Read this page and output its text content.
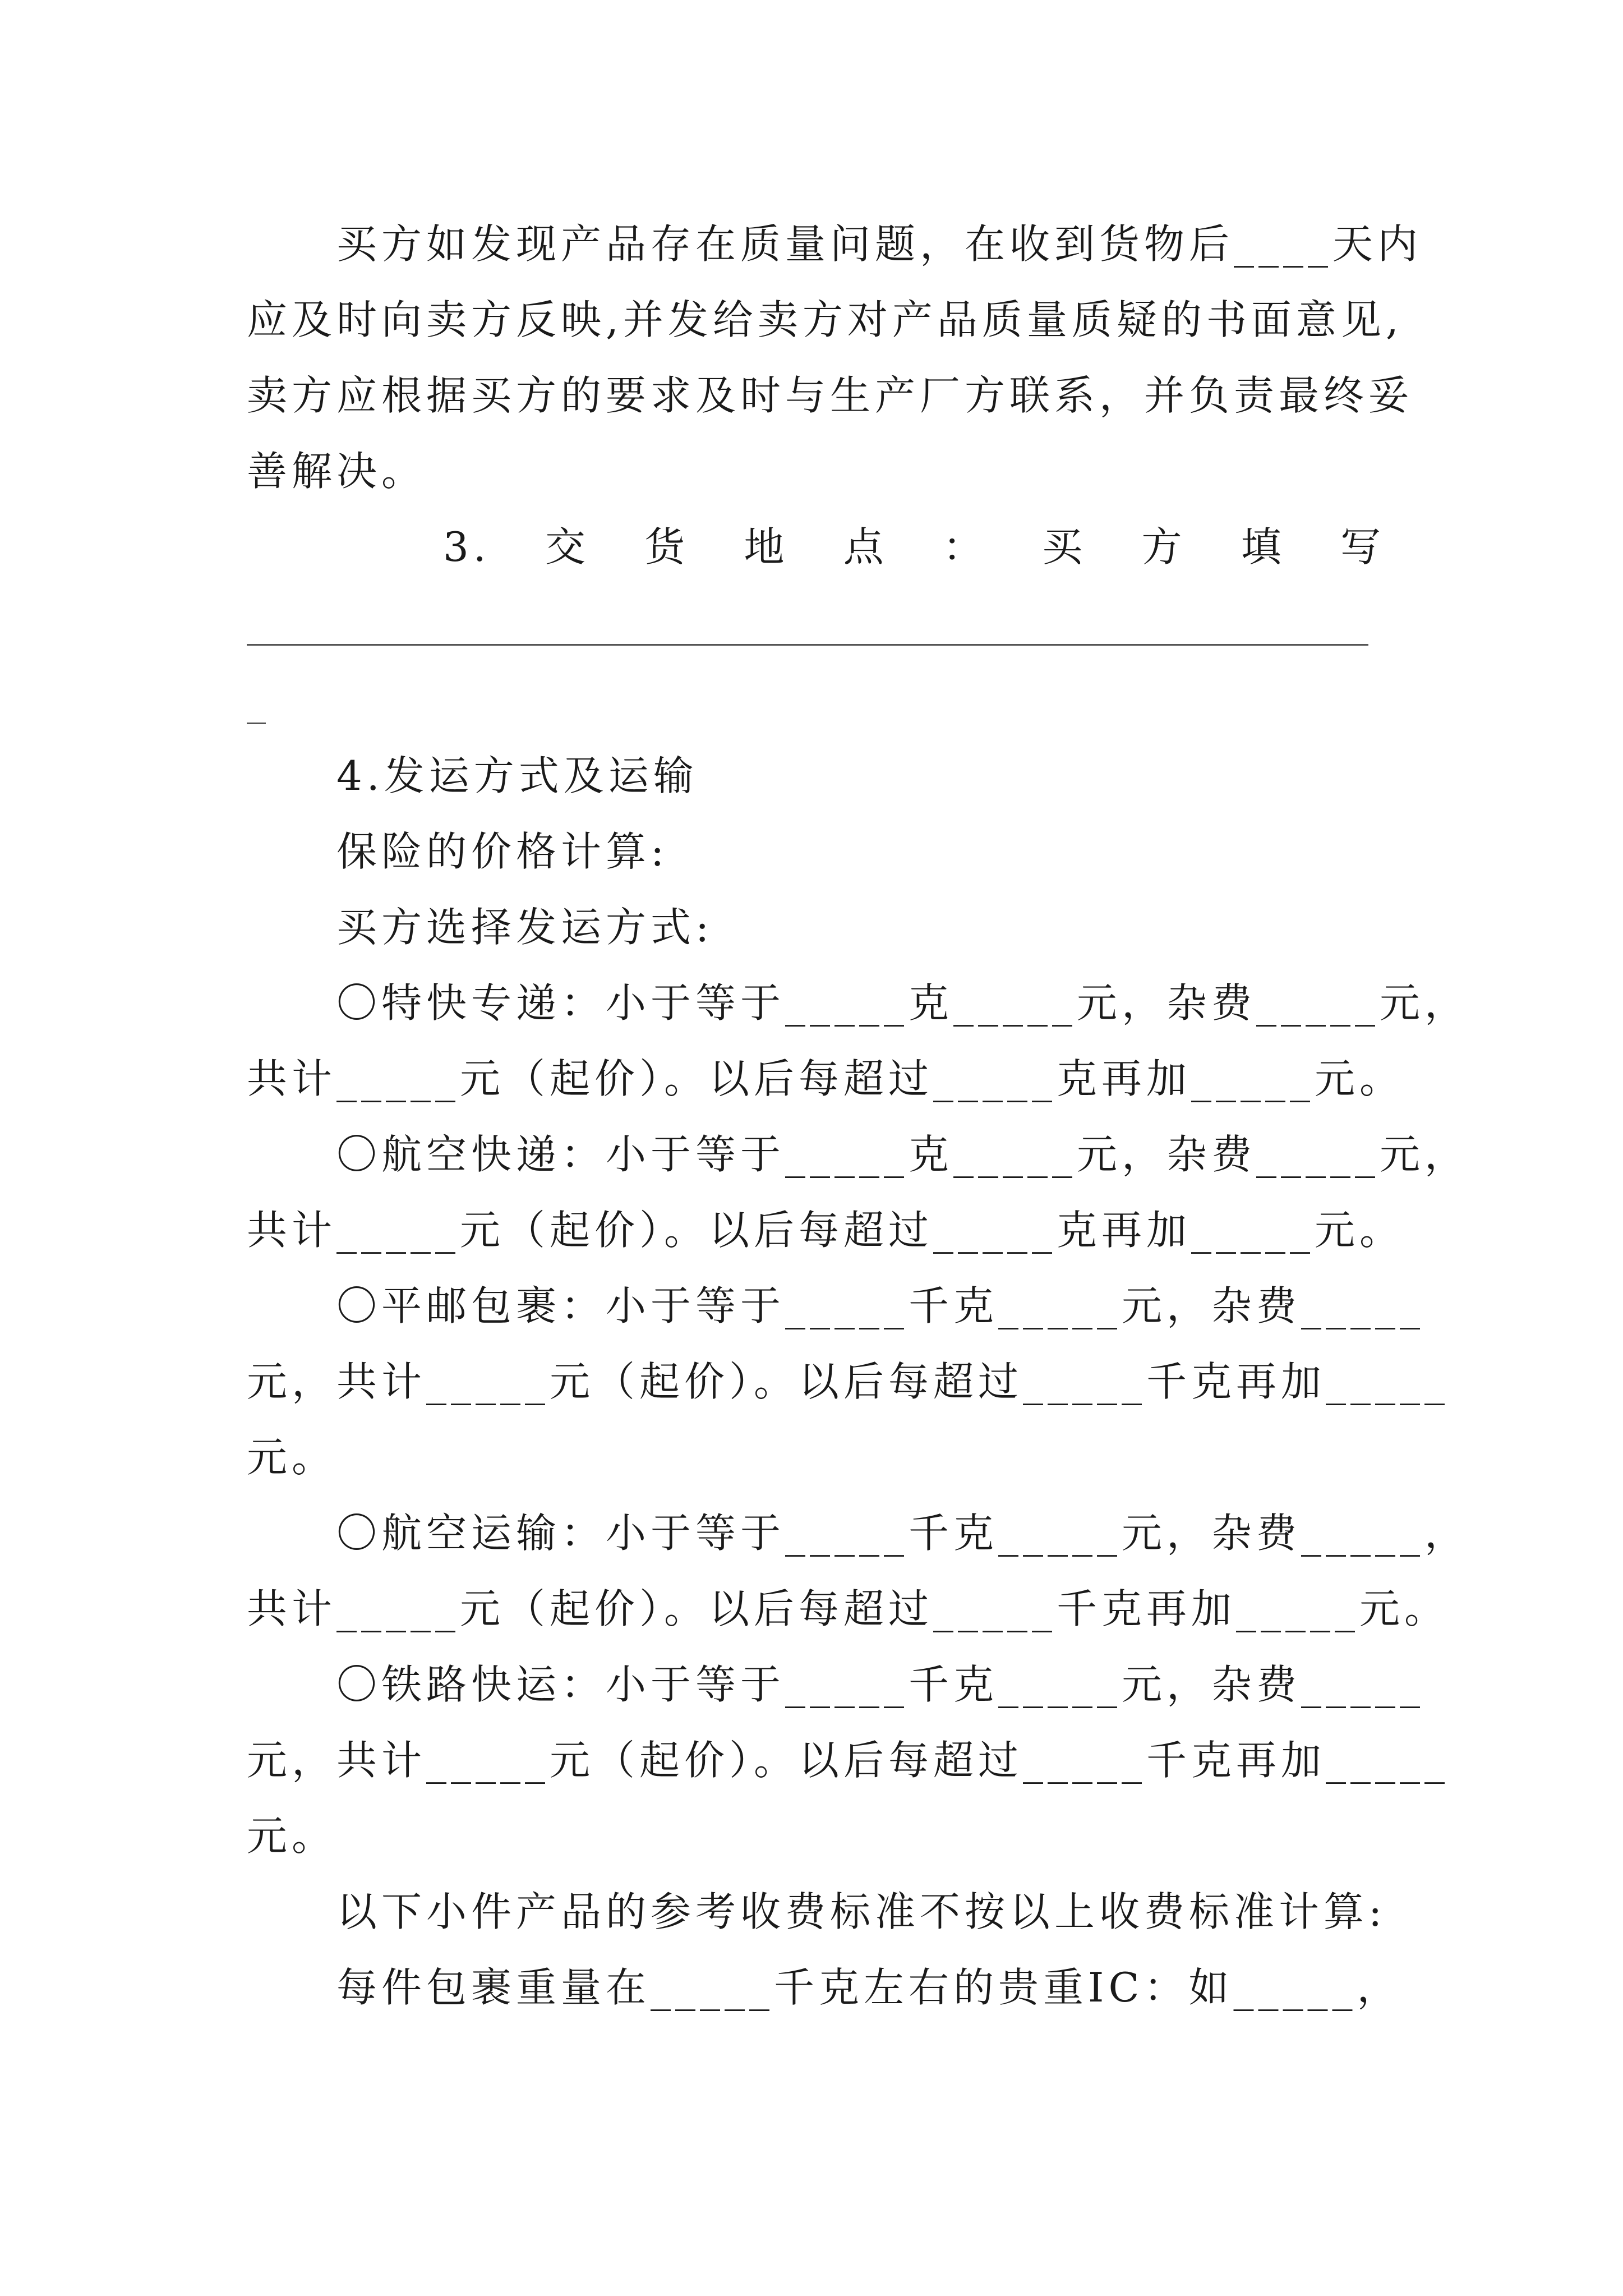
买方如发现产品存在质量问题，在收到货物后____天内
应及时向卖方反映,并发给卖方对产品质量质疑的书面意见,
卖方应根据买方的要求及时与生产厂方联系，并负责最终妥
善解决。
3. 交 货 地 点 ： 买 方 填 写
4.发运方式及运输
保险的价格计算:
买方选择发运方式:
〇特快专递：小于等于_____克_____元，杂费_____元，
共计_____元（起价）。以后每超过_____克再加_____元。
〇航空快递：小于等于_____克_____元，杂费_____元，
共计_____元（起价）。以后每超过_____克再加_____元。
〇平邮包裹：小于等于_____千克_____元，杂费_____
元，共计_____元（起价）。以后每超过_____千克再加_____
元。
〇航空运输：小于等于_____千克_____元，杂费_____，
共计_____元（起价）。以后每超过_____千克再加_____元。
〇铁路快运：小于等于_____千克_____元，杂费_____
元，共计_____元（起价）。以后每超过_____千克再加_____
元。
以下小件产品的参考收费标准不按以上收费标准计算:
每件包裹重量在_____千克左右的贵重IC：如_____，
